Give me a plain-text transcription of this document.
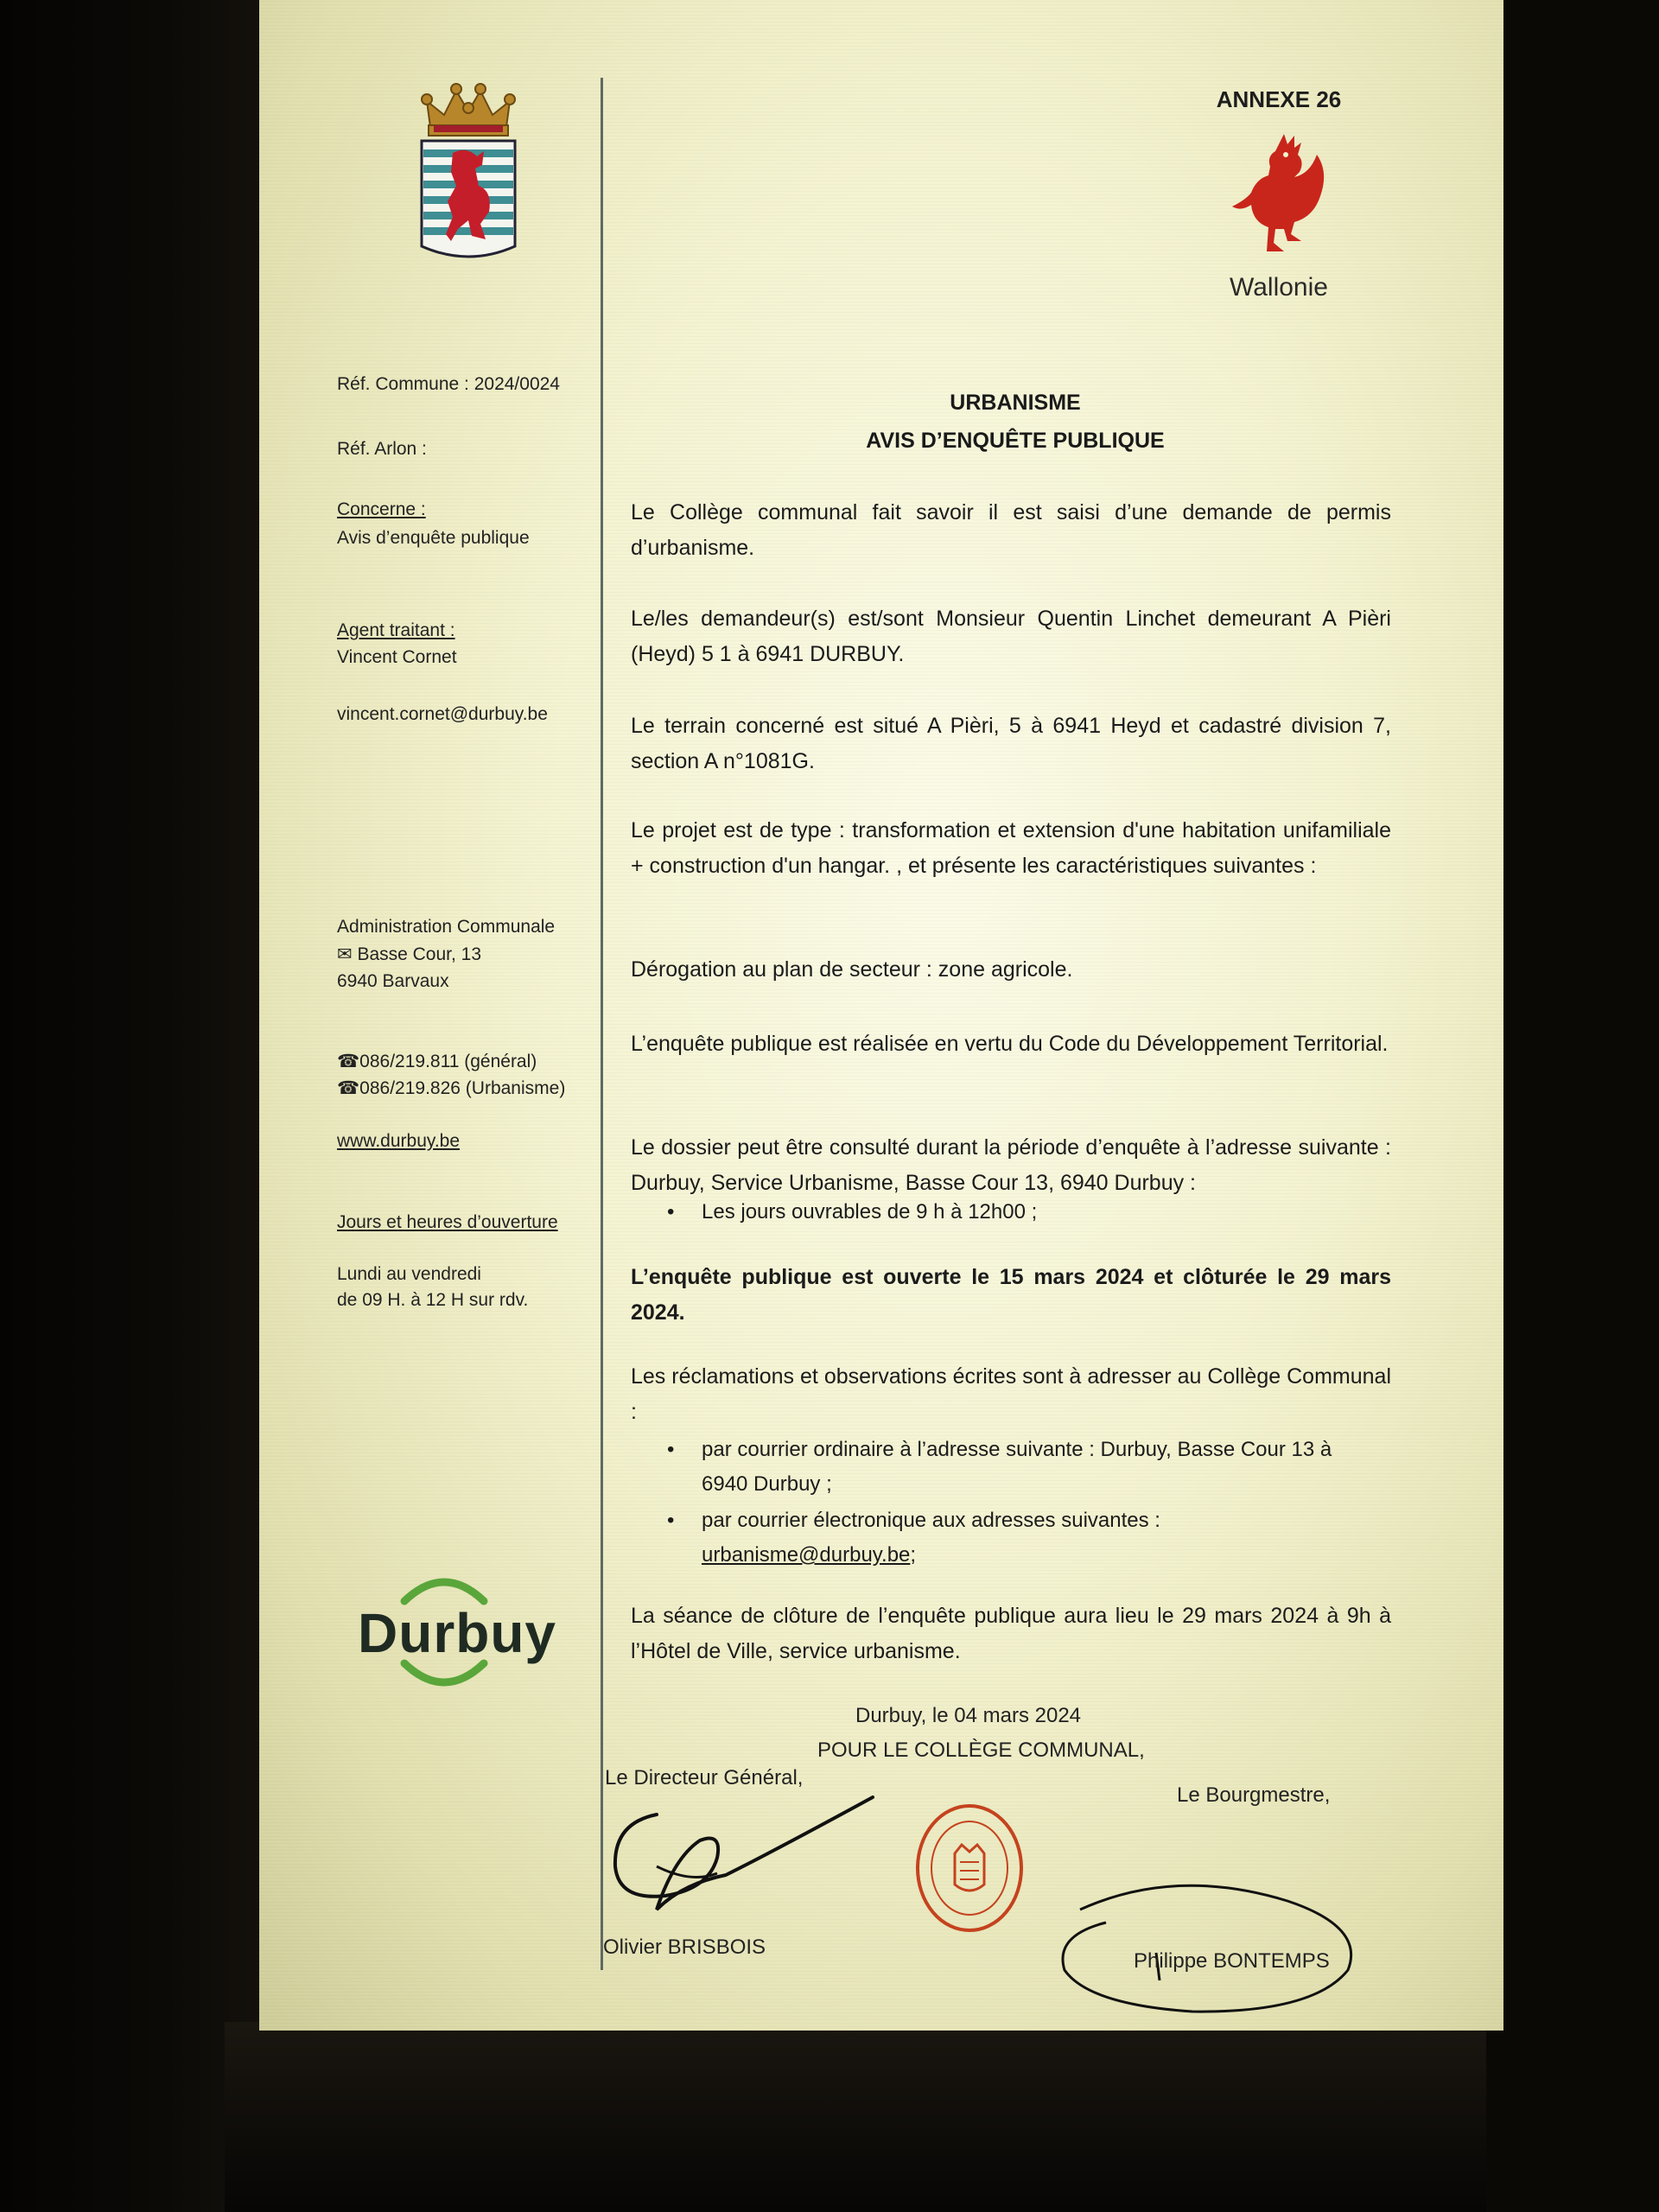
Réf. Commune : 2024/0024
Réf. Arlon :
Concerne :
Avis d’enquête publique
Agent traitant :
Vincent Cornet
vincent.cornet@durbuy.be
Administration Communale
✉ Basse Cour, 13
6940 Barvaux
☎086/219.811 (général)
☎086/219.826 (Urbanisme)
www.durbuy.be
Jours et heures d’ouverture
Lundi au vendredi
de 09 H. à 12 H sur rdv.
Durbuy
ANNEXE 26
Wallonie
URBANISME
AVIS D’ENQUÊTE PUBLIQUE
Le Collège communal fait savoir il est saisi d’une demande de permis d’urbanisme.
Le/les demandeur(s) est/sont Monsieur Quentin Linchet demeurant A Pièri (Heyd) 5 1 à 6941 DURBUY.
Le terrain concerné est situé A Pièri, 5 à 6941 Heyd et cadastré division 7, section A n°1081G.
Le projet est de type : transformation et extension d'une habitation unifamiliale + construction d'un hangar. , et présente les caractéristiques suivantes :
Dérogation au plan de secteur : zone agricole.
L’enquête publique est réalisée en vertu du Code du Développement Territorial.
Le dossier peut être consulté durant la période d’enquête à l’adresse suivante : Durbuy, Service Urbanisme, Basse Cour 13, 6940 Durbuy :
• Les jours ouvrables de 9 h à 12h00 ;
L’enquête publique est ouverte le 15 mars 2024 et clôturée le 29 mars 2024.
Les réclamations et observations écrites sont à adresser au Collège Communal :
• par courrier ordinaire à l’adresse suivante : Durbuy, Basse Cour 13 à 6940 Durbuy ;
• par courrier électronique aux adresses suivantes :
urbanisme@durbuy.be;
La séance de clôture de l’enquête publique aura lieu le 29 mars 2024 à 9h à l’Hôtel de Ville, service urbanisme.
Durbuy, le 04 mars 2024
POUR LE COLLÈGE COMMUNAL,
Le Directeur Général,
Le Bourgmestre,
Olivier BRISBOIS
Philippe BONTEMPS
